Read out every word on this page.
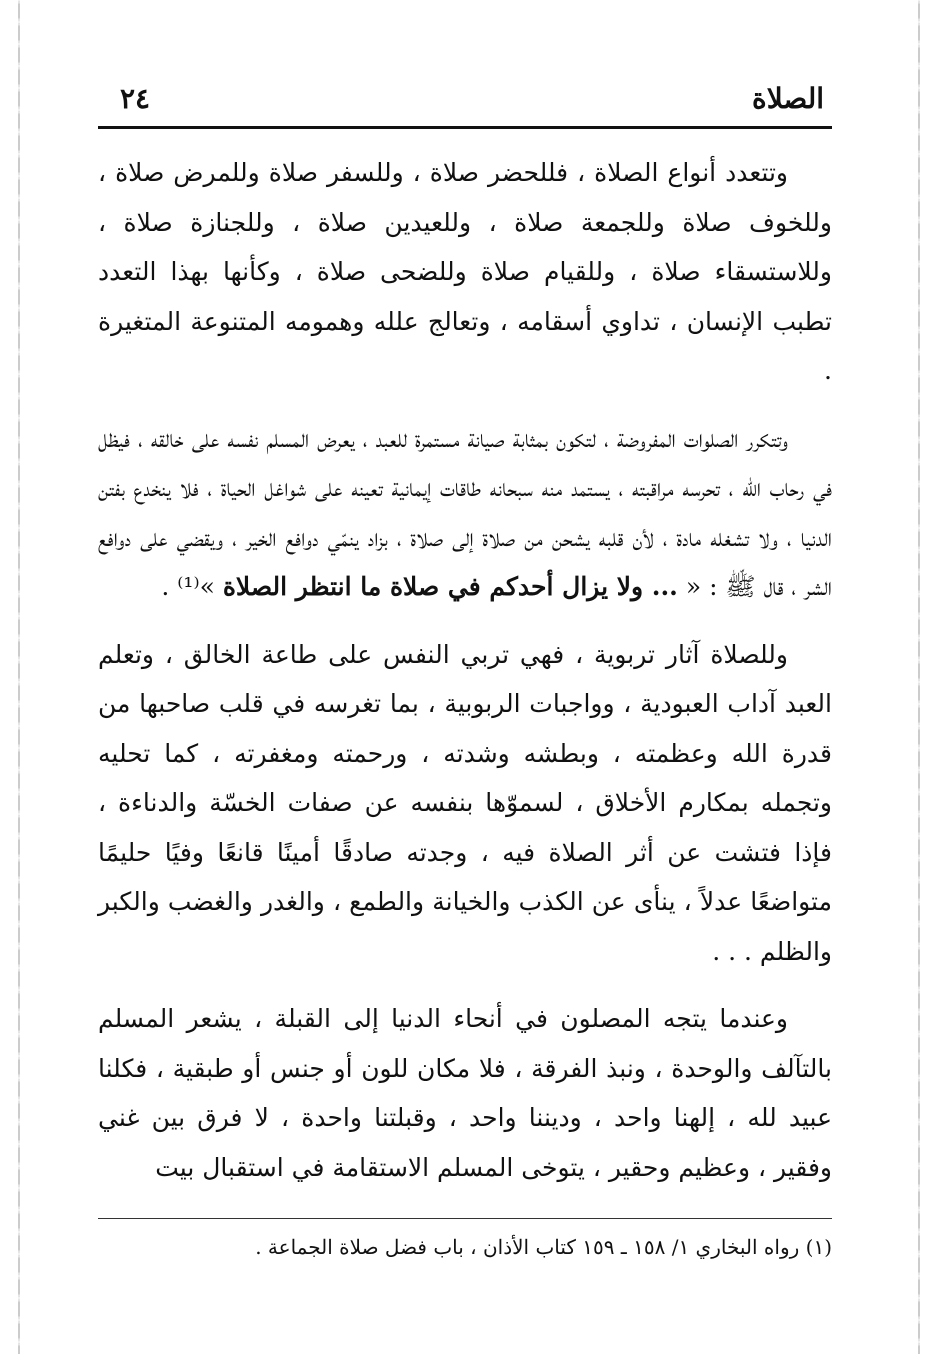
الصلاة
٢٤

وتتعدد أنواع الصلاة ، فللحضر صلاة ، وللسفر صلاة وللمرض صلاة ، وللخوف صلاة وللجمعة صلاة ، وللعيدين صلاة ، وللجنازة صلاة ، وللاستسقاء صلاة ، وللقيام صلاة وللضحى صلاة ، وكأنها بهذا التعدد تطبب الإنسان ، تداوي أسقامه ، وتعالج علله وهمومه المتنوعة المتغيرة .

وتتكرر الصلوات المفروضة ، لتكون بمثابة صيانة مستمرة للعبد ، يعرض المسلم نفسه على خالقه ، فيظل في رحاب الله ، تحرسه مراقبته ، يستمد منه سبحانه طاقات إيمانية تعينه على شواغل الحياة ، فلا ينخدع بفتن الدنيا ، ولا تشغله مادة ، لأن قلبه يشحن من صلاة إلى صلاة ، بزاد ينمّي دوافع الخير ، ويقضي على دوافع الشر ، قال ﷺ : « ... ولا يزال أحدكم في صلاة ما انتظر الصلاة »⁽¹⁾ .

وللصلاة آثار تربوية ، فهي تربي النفس على طاعة الخالق ، وتعلم العبد آداب العبودية ، وواجبات الربوبية ، بما تغرسه في قلب صاحبها من قدرة الله وعظمته ، وبطشه وشدته ، ورحمته ومغفرته ، كما تحليه وتجمله بمكارم الأخلاق ، لسموّها بنفسه عن صفات الخسّة والدناءة ، فإذا فتشت عن أثر الصلاة فيه ، وجدته صادقًا أمينًا قانعًا وفيًا حليمًا متواضعًا عدلاً ، ينأى عن الكذب والخيانة والطمع ، والغدر والغضب والكبر والظلم . . .

وعندما يتجه المصلون في أنحاء الدنيا إلى القبلة ، يشعر المسلم بالتآلف والوحدة ، ونبذ الفرقة ، فلا مكان للون أو جنس أو طبقية ، فكلنا عبيد لله ، إلهنا واحد ، وديننا واحد ، وقبلتنا واحدة ، لا فرق بين غني وفقير ، وعظيم وحقير ، يتوخى المسلم الاستقامة في استقبال بيت

(١) رواه البخاري ١/ ١٥٨ ـ ١٥٩ كتاب الأذان ، باب فضل صلاة الجماعة .
